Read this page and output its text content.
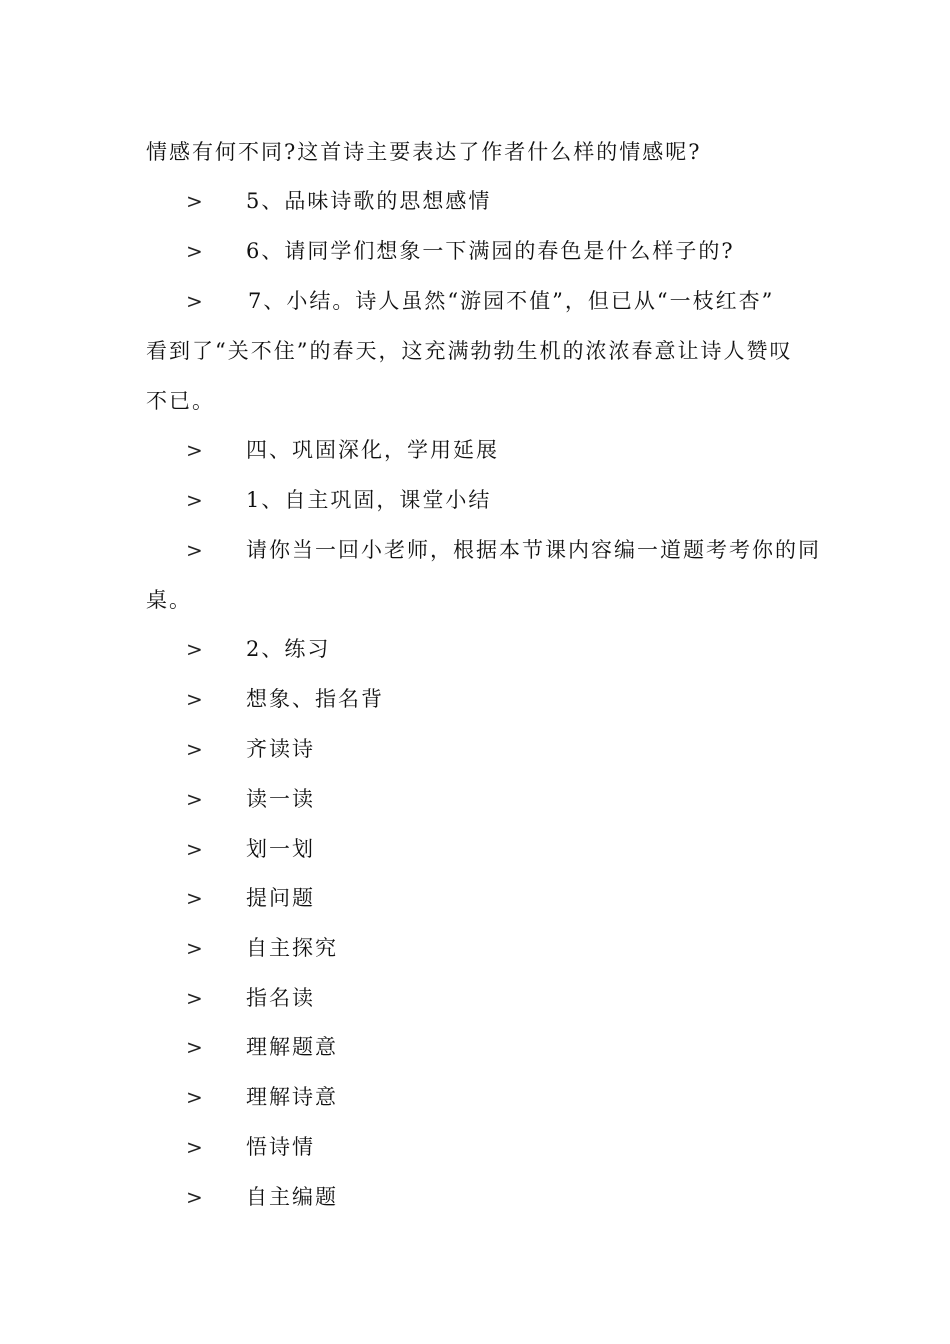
情感有何不同?这首诗主要表达了作者什么样的情感呢?
> 5、品味诗歌的思想感情
> 6、请同学们想象一下满园的春色是什么样子的?
> 7、小结。诗人虽然“游园不值”，但已从“一枝红杏”
看到了“关不住”的春天，这充满勃勃生机的浓浓春意让诗人赞叹
不已。
> 四、巩固深化，学用延展
> 1、自主巩固，课堂小结
> 请你当一回小老师，根据本节课内容编一道题考考你的同
桌。
> 2、练习
> 想象、指名背
> 齐读诗
> 读一读
> 划一划
> 提问题
> 自主探究
> 指名读
> 理解题意
> 理解诗意
> 悟诗情
> 自主编题
